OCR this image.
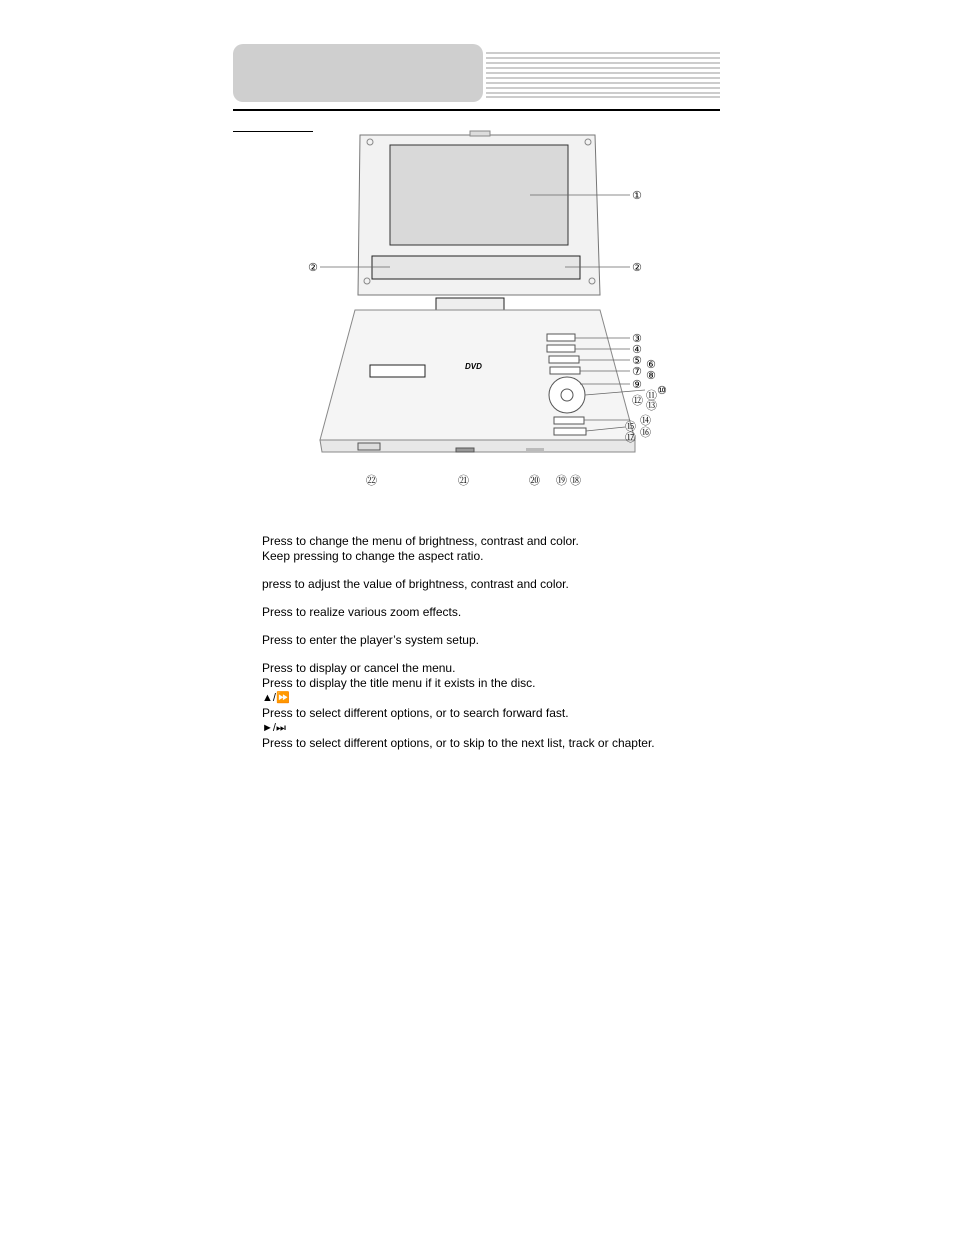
DVD
①
②	②
③
④
⑤ ⑥
⑦ ⑧
⑨ ⑩
⑪
⑫ ⑬
⑭
⑮ ⑯
⑰
⑱
⑲
⑳
㉑
㉒

Press to change the menu of brightness, contrast and color.

Keep pressing to change the aspect ratio.

press to adjust the value of brightness, contrast and color.

Press to realize various zoom effects.

Press to enter the player’s system setup.

Press to display or cancel the menu.

Press to display the title menu if it exists in the disc.

▲/⏩

Press to select different options, or to search forward fast.

►/⏭

Press to select different options, or to skip to the next list, track or chapter.
